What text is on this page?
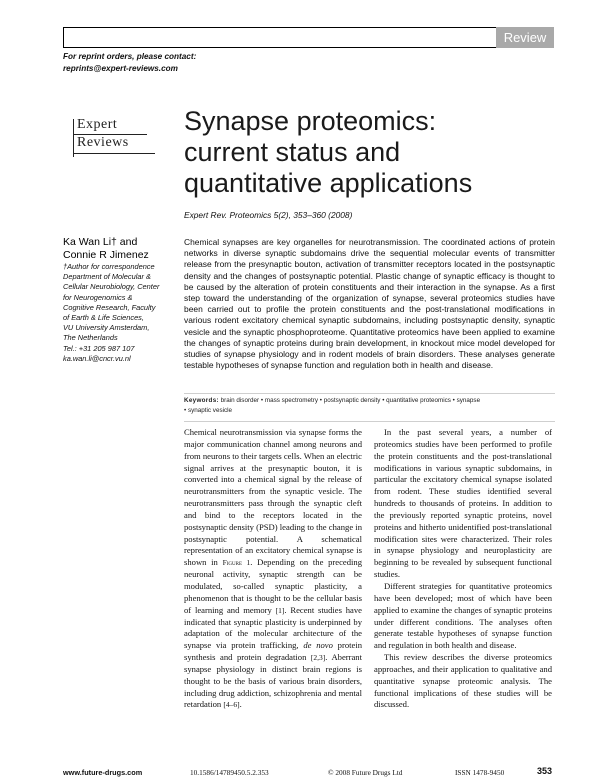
Review
For reprint orders, please contact:
reprints@expert-reviews.com
Expert
Reviews
Synapse proteomics:
current status and
quantitative applications
Expert Rev. Proteomics 5(2), 353–360 (2008)
Ka Wan Li† and
Connie R Jimenez
†Author for correspondence
Department of Molecular &
Cellular Neurobiology, Center
for Neurogenomics &
Cognitive Research, Faculty
of Earth & Life Sciences,
VU University Amsterdam,
The Netherlands
Tel.: +31 205 987 107
ka.wan.li@cncr.vu.nl
Chemical synapses are key organelles for neurotransmission. The coordinated actions of protein networks in diverse synaptic subdomains drive the sequential molecular events of transmitter release from the presynaptic bouton, activation of transmitter receptors located in the postsynaptic density and the changes of postsynaptic potential. Plastic change of synaptic efficacy is thought to be caused by the alteration of protein constituents and their interaction in the synapse. As a first step toward the understanding of the organization of synapse, several proteomics studies have been carried out to profile the protein constituents and the post-translational modifications in various rodent excitatory chemical synaptic subdomains, including postsynaptic density, synaptic vesicle and the synaptic phosphoproteome. Quantitative proteomics have been applied to examine the changes of synaptic proteins during brain development, in knockout mice model developed for studies of synapse physiology and in rodent models of brain disorders. These analyses generate testable hypotheses of synapse function and regulation both in health and disease.
Keywords: brain disorder • mass spectrometry • postsynaptic density • quantitative proteomics • synapse
• synaptic vesicle

Chemical neurotransmission via synapse forms the major communication channel among neurons and from neurons to their targets cells. When an electric signal arrives at the presynaptic bouton, it is converted into a chemical signal by the release of neurotransmitters from the synaptic vesicle. The neurotransmitters pass through the synaptic cleft and bind to the receptors located in the postsynaptic density (PSD) leading to the change in postsynaptic potential. A schematical representation of an excitatory chemical synapse is shown in Figure 1. Depending on the preceding neuronal activity, synaptic strength can be modulated, so-called synaptic plasticity, a phenomenon that is thought to be the cellular basis of learning and memory [1]. Recent studies have indicated that synaptic plasticity is underpinned by adaptation of the molecular architecture of the synapse via protein trafficking, de novo protein synthesis and protein degradation [2,3]. Aberrant synapse physiology in distinct brain regions is thought to be the basis of various brain disorders, including drug addiction, schizophrenia and mental retardation [4–6].

In the past several years, a number of proteomics studies have been performed to profile the protein constituents and the post-translational modifications in various synaptic subdomains, in particular the excitatory chemical synapse isolated from rodent. These studies identified several hundreds to thousands of proteins. In addition to the previously reported synaptic proteins, novel proteins and hitherto unidentified post-translational modification sites were characterized. Their roles in synapse physiology and neuroplasticity are beginning to be revealed by subsequent functional studies.

Different strategies for quantitative proteomics have been developed; most of which have been applied to examine the changes of synaptic proteins under different conditions. The analyses often generate testable hypotheses of synapse function and regulation in both health and disease.

This review describes the diverse proteomics approaches, and their application to qualitative and quantitative synapse proteomic analysis. The functional implications of these studies will be discussed.

www.future-drugs.com	10.1586/14789450.5.2.353	© 2008 Future Drugs Ltd	ISSN 1478-9450	353
